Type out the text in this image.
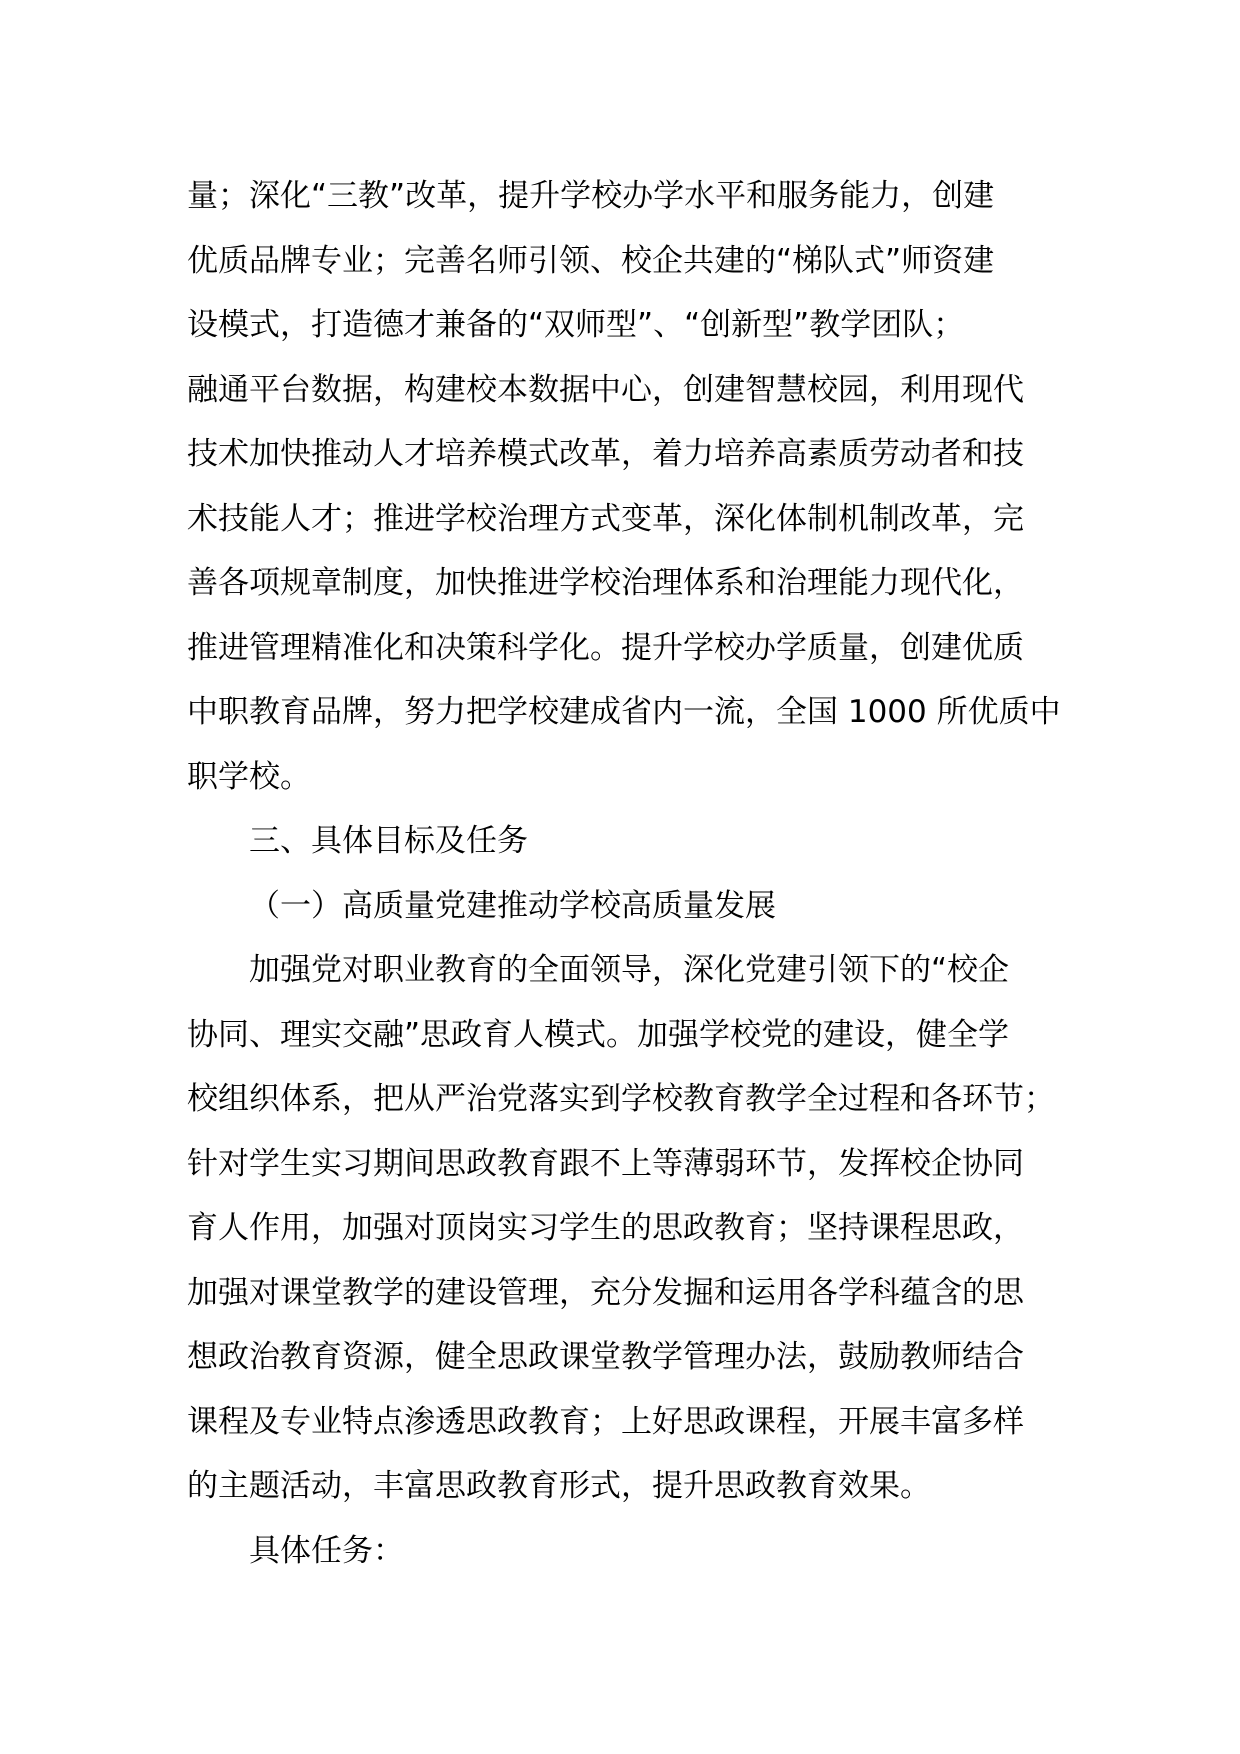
量；深化“三教”改革，提升学校办学水平和服务能力，创建
优质品牌专业；完善名师引领、校企共建的“梯队式”师资建
设模式，打造德才兼备的“双师型”、“创新型”教学团队；
融通平台数据，构建校本数据中心，创建智慧校园，利用现代
技术加快推动人才培养模式改革，着力培养高素质劳动者和技
术技能人才；推进学校治理方式变革，深化体制机制改革，完
善各项规章制度，加快推进学校治理体系和治理能力现代化，
推进管理精准化和决策科学化。提升学校办学质量，创建优质
中职教育品牌，努力把学校建成省内一流，全国 1000 所优质中
职学校。
三、具体目标及任务
（一）高质量党建推动学校高质量发展
加强党对职业教育的全面领导，深化党建引领下的“校企
协同、理实交融”思政育人模式。加强学校党的建设，健全学
校组织体系，把从严治党落实到学校教育教学全过程和各环节；
针对学生实习期间思政教育跟不上等薄弱环节，发挥校企协同
育人作用，加强对顶岗实习学生的思政教育；坚持课程思政，
加强对课堂教学的建设管理，充分发掘和运用各学科蕴含的思
想政治教育资源，健全思政课堂教学管理办法，鼓励教师结合
课程及专业特点渗透思政教育；上好思政课程，开展丰富多样
的主题活动，丰富思政教育形式，提升思政教育效果。
具体任务：
